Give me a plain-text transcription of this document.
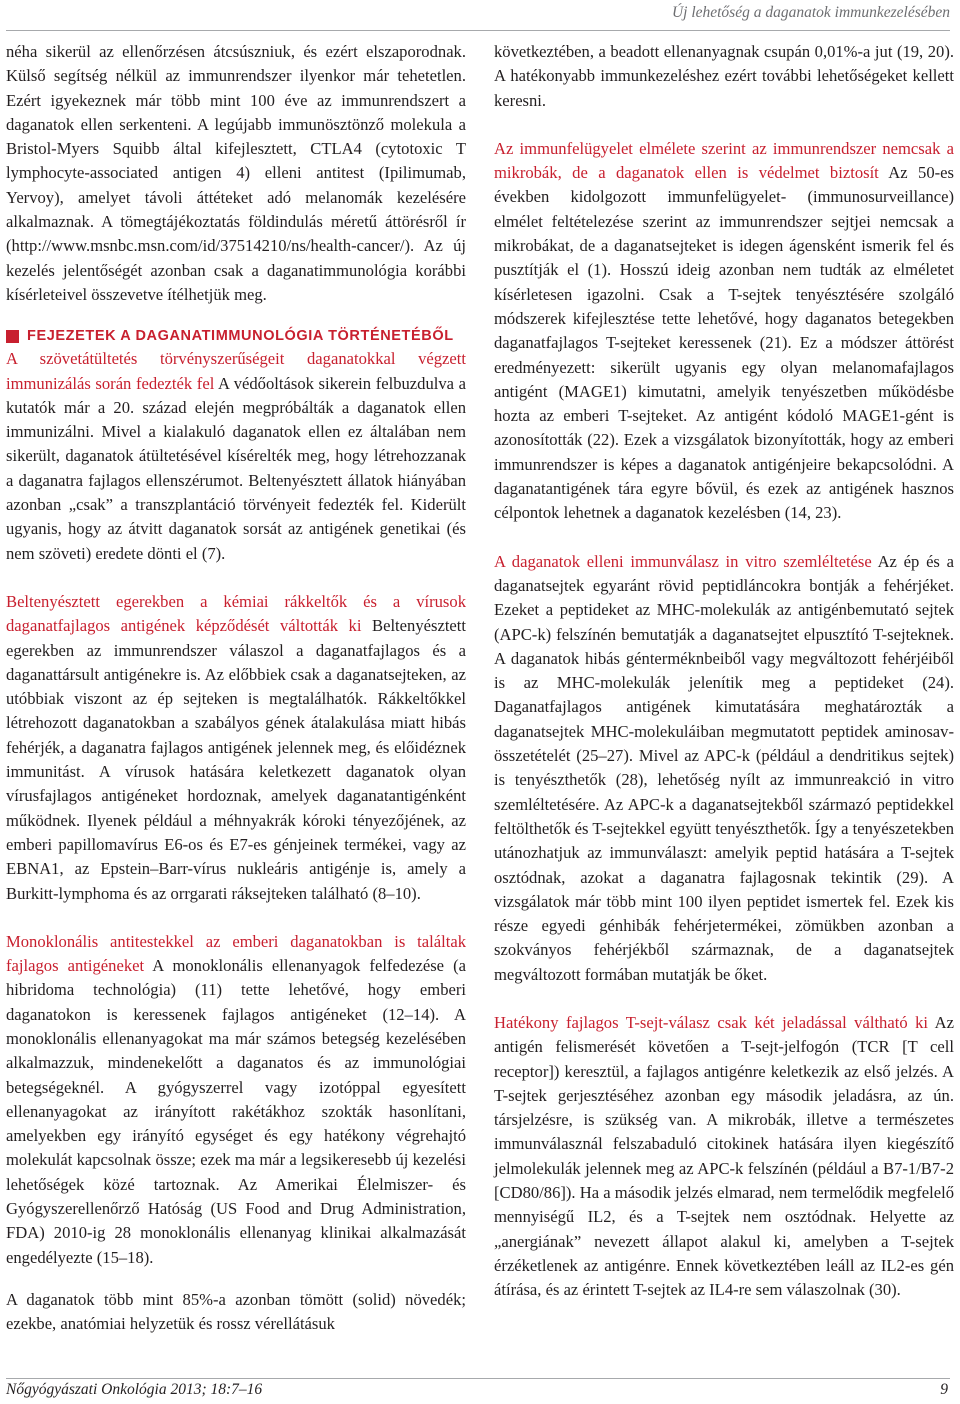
Új lehetőség a daganatok immunkezelésében

néha sikerül az ellenőrzésen átcsúszniuk, és ezért elszaporodnak. Külső segítség nélkül az immunrendszer ilyenkor már tehetetlen. Ezért igyekeznek már több mint 100 éve az immunrendszert a daganatok ellen serkenteni. A legújabb immunösztönző molekula a Bristol-Myers Squibb által kifejlesztett, CTLA4 (cytotoxic T lymphocyte-associated antigen 4) elleni antitest (Ipilimumab, Yervoy), amelyet távoli áttéteket adó melanomák kezelésére alkalmaznak. A tömegtájékoztatás földindulás méretű áttörésről ír (http://www.msnbc.msn.com/id/37514210/ns/health-cancer/). Az új kezelés jelentőségét azonban csak a daganatimmunológia korábbi kísérleteivel összevetve ítélhetjük meg.

FEJEZETEK A DAGANATIMMUNOLÓGIA TÖRTÉNETÉBŐL

A szövetátültetés törvényszerűségeit daganatokkal végzett immunizálás során fedezték fel A védőoltások sikerein felbuzdulva a kutatók már a 20. század elején megpróbálták a daganatok ellen immunizálni. Mivel a kialakuló daganatok ellen ez általában nem sikerült, daganatok átültetésével kísérelték meg, hogy létrehozzanak a daganatra fajlagos ellenszérumot. Beltenyésztett állatok hiányában azonban „csak” a transzplantáció törvényeit fedezték fel. Kiderült ugyanis, hogy az átvitt daganatok sorsát az antigének genetikai (és nem szöveti) eredete dönti el (7).

Beltenyésztett egerekben a kémiai rákkeltők és a vírusok daganatfajlagos antigének képződését váltották ki Beltenyésztett egerekben az immunrendszer válaszol a daganatfajlagos és a daganattársult antigénekre is. Az előbbiek csak a daganatsejteken, az utóbbiak viszont az ép sejteken is megtalálhatók. Rákkeltőkkel létrehozott daganatokban a szabályos gének átalakulása miatt hibás fehérjék, a daganatra fajlagos antigének jelennek meg, és előidéznek immunitást. A vírusok hatására keletkezett daganatok olyan vírusfajlagos antigéneket hordoznak, amelyek daganatantigénként működnek. Ilyenek például a méhnyakrák kóroki tényezőjének, az emberi papillomavírus E6-os és E7-es génjeinek termékei, vagy az EBNA1, az Epstein–Barr-vírus nukleáris antigénje is, amely a Burkitt-lymphoma és az orrgarati ráksejteken található (8–10).

Monoklonális antitestekkel az emberi daganatokban is találtak fajlagos antigéneket A monoklonális ellenanyagok felfedezése (a hibridoma technológia) (11) tette lehetővé, hogy emberi daganatokon is keressenek fajlagos antigéneket (12–14). A monoklonális ellenanyagokat ma már számos betegség kezelésében alkalmazzuk, mindenekelőtt a daganatos és az immunológiai betegségeknél. A gyógyszerrel vagy izotóppal egyesített ellenanyagokat az irányított rakétákhoz szokták hasonlítani, amelyekben egy irányító egységet és egy hatékony végrehajtó molekulát kapcsolnak össze; ezek ma már a legsikeresebb új kezelési lehetőségek közé tartoznak. Az Amerikai Élelmiszer- és Gyógyszerellenőrző Hatóság (US Food and Drug Administration, FDA) 2010-ig 28 monoklonális ellenanyag klinikai alkalmazását engedélyezte (15–18).

A daganatok több mint 85%-a azonban tömött (solid) növedék; ezekbe, anatómiai helyzetük és rossz vérellátásuk

következtében, a beadott ellenanyagnak csupán 0,01%-a jut (19, 20). A hatékonyabb immunkezeléshez ezért további lehetőségeket kellett keresni.

Az immunfelügyelet elmélete szerint az immunrendszer nemcsak a mikrobák, de a daganatok ellen is védelmet biztosít Az 50-es években kidolgozott immunfelügyelet- (immunosurveillance) elmélet feltételezése szerint az immunrendszer sejtjei nemcsak a mikrobákat, de a daganatsejteket is idegen ágensként ismerik fel és pusztítják el (1). Hosszú ideig azonban nem tudták az elméletet kísérletesen igazolni. Csak a T-sejtek tenyésztésére szolgáló módszerek kifejlesztése tette lehetővé, hogy daganatos betegekben daganatfajlagos T-sejteket keressenek (21). Ez a módszer áttörést eredményezett: sikerült ugyanis egy olyan melanomafajlagos antigént (MAGE1) kimutatni, amelyik tenyészetben működésbe hozta az emberi T-sejteket. Az antigént kódoló MAGE1-gént is azonosították (22). Ezek a vizsgálatok bizonyították, hogy az emberi immunrendszer is képes a daganatok antigénjeire bekapcsolódni. A daganatantigének tára egyre bővül, és ezek az antigének hasznos célpontok lehetnek a daganatok kezelésben (14, 23).

A daganatok elleni immunválasz in vitro szemléltetése Az ép és a daganatsejtek egyaránt rövid peptidláncokra bontják a fehérjéket. Ezeket a peptideket az MHC-molekulák az antigénbemutató sejtek (APC-k) felszínén bemutatják a daganatsejtet elpusztító T-sejteknek. A daganatok hibás génterméknbeiből vagy megváltozott fehérjéiből is az MHC-molekulák jelenítik meg a peptideket (24). Daganatfajlagos antigének kimutatására meghatározták a daganatsejtek MHC-molekuláiban megmutatott peptidek aminosav-összetételét (25–27). Mivel az APC-k (például a dendritikus sejtek) is tenyészthetők (28), lehetőség nyílt az immunreakció in vitro szemléltetésére. Az APC-k a daganatsejtekből származó peptidekkel feltölthetők és T-sejtekkel együtt tenyészthetők. Így a tenyészetekben utánozhatjuk az immunválaszt: amelyik peptid hatására a T-sejtek osztódnak, azokat a daganatra fajlagosnak tekintik (29). A vizsgálatok már több mint 100 ilyen peptidet ismertek fel. Ezek kis része egyedi génhibák fehérjetermékei, zömükben azonban a szokványos fehérjékből származnak, de a daganatsejtek megváltozott formában mutatják be őket.

Hatékony fajlagos T-sejt-válasz csak két jeladással váltható ki Az antigén felismerését követően a T-sejt-jelfogón (TCR [T cell receptor]) keresztül, a fajlagos antigénre keletkezik az első jelzés. A T-sejtek gerjesztéséhez azonban egy második jeladásra, az ún. társjelzésre, is szükség van. A mikrobák, illetve a természetes immunválasznál felszabaduló citokinek hatására ilyen kiegészítő jelmolekulák jelennek meg az APC-k felszínén (például a B7-1/B7-2 [CD80/86]). Ha a második jelzés elmarad, nem termelődik megfelelő mennyiségű IL2, és a T-sejtek nem osztódnak. Helyette az „anergiának” nevezett állapot alakul ki, amelyben a T-sejtek érzéketlenek az antigénre. Ennek következtében leáll az IL2-es gén átírása, és az érintett T-sejtek az IL4-re sem válaszolnak (30).

Nőgyógyászati Onkológia 2013; 18:7–16	9
